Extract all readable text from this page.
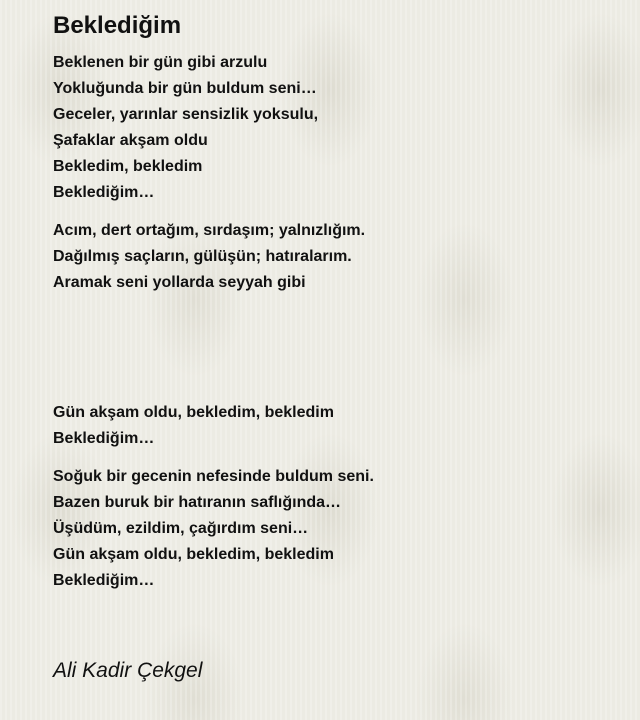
Beklediğim
Beklenen bir gün gibi arzulu
Yokluğunda bir gün buldum seni…
Geceler, yarınlar sensizlik yoksulu,
Şafaklar akşam oldu
Bekledim, bekledim
Beklediğim…
Acım, dert ortağım, sırdaşım; yalnızlığım.
Dağılmış saçların, gülüşün; hatıralarım.
Aramak seni yollarda seyyah gibi
Gün akşam oldu, bekledim, bekledim
Beklediğim…
Soğuk bir gecenin nefesinde buldum seni.
Bazen buruk bir hatıranın saflığında…
Üşüdüm, ezildim, çağırdım seni…
Gün akşam oldu, bekledim, bekledim
Beklediğim…
Ali Kadir Çekgel
